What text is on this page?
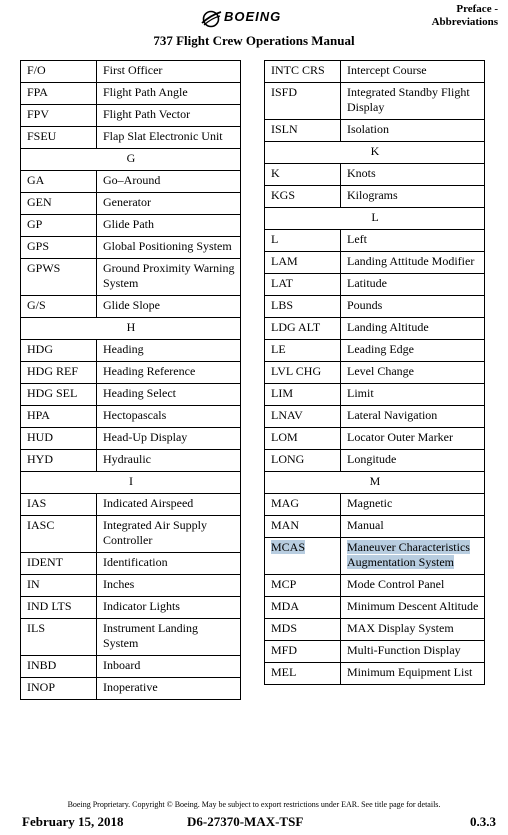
BOEING	Preface -
Abbreviations
737 Flight Crew Operations Manual
F/O	First Officer
FPA	Flight Path Angle
FPV	Flight Path Vector
FSEU	Flap Slat Electronic Unit
G	
GA	Go–Around
GEN	Generator
GP	Glide Path
GPS	Global Positioning System
GPWS	Ground Proximity Warning System
G/S	Glide Slope
H	
HDG	Heading
HDG REF	Heading Reference
HDG SEL	Heading Select
HPA	Hectopascals
HUD	Head-Up Display
HYD	Hydraulic
I	
IAS	Indicated Airspeed
IASC	Integrated Air Supply Controller
IDENT	Identification
IN	Inches
IND LTS	Indicator Lights
ILS	Instrument Landing System
INBD	Inboard
INOP	Inoperative
INTC CRS	Intercept Course
ISFD	Integrated Standby Flight Display
ISLN	Isolation
K	
K	Knots
KGS	Kilograms
L	
L	Left
LAM	Landing Attitude Modifier
LAT	Latitude
LBS	Pounds
LDG ALT	Landing Altitude
LE	Leading Edge
LVL CHG	Level Change
LIM	Limit
LNAV	Lateral Navigation
LOM	Locator Outer Marker
LONG	Longitude
M	
MAG	Magnetic
MAN	Manual
MCAS	Maneuver Characteristics Augmentation System
MCP	Mode Control Panel
MDA	Minimum Descent Altitude
MDS	MAX Display System
MFD	Multi-Function Display
MEL	Minimum Equipment List
Boeing Proprietary. Copyright © Boeing. May be subject to export restrictions under EAR. See title page for details.
February 15, 2018	D6-27370-MAX-TSF	0.3.3
